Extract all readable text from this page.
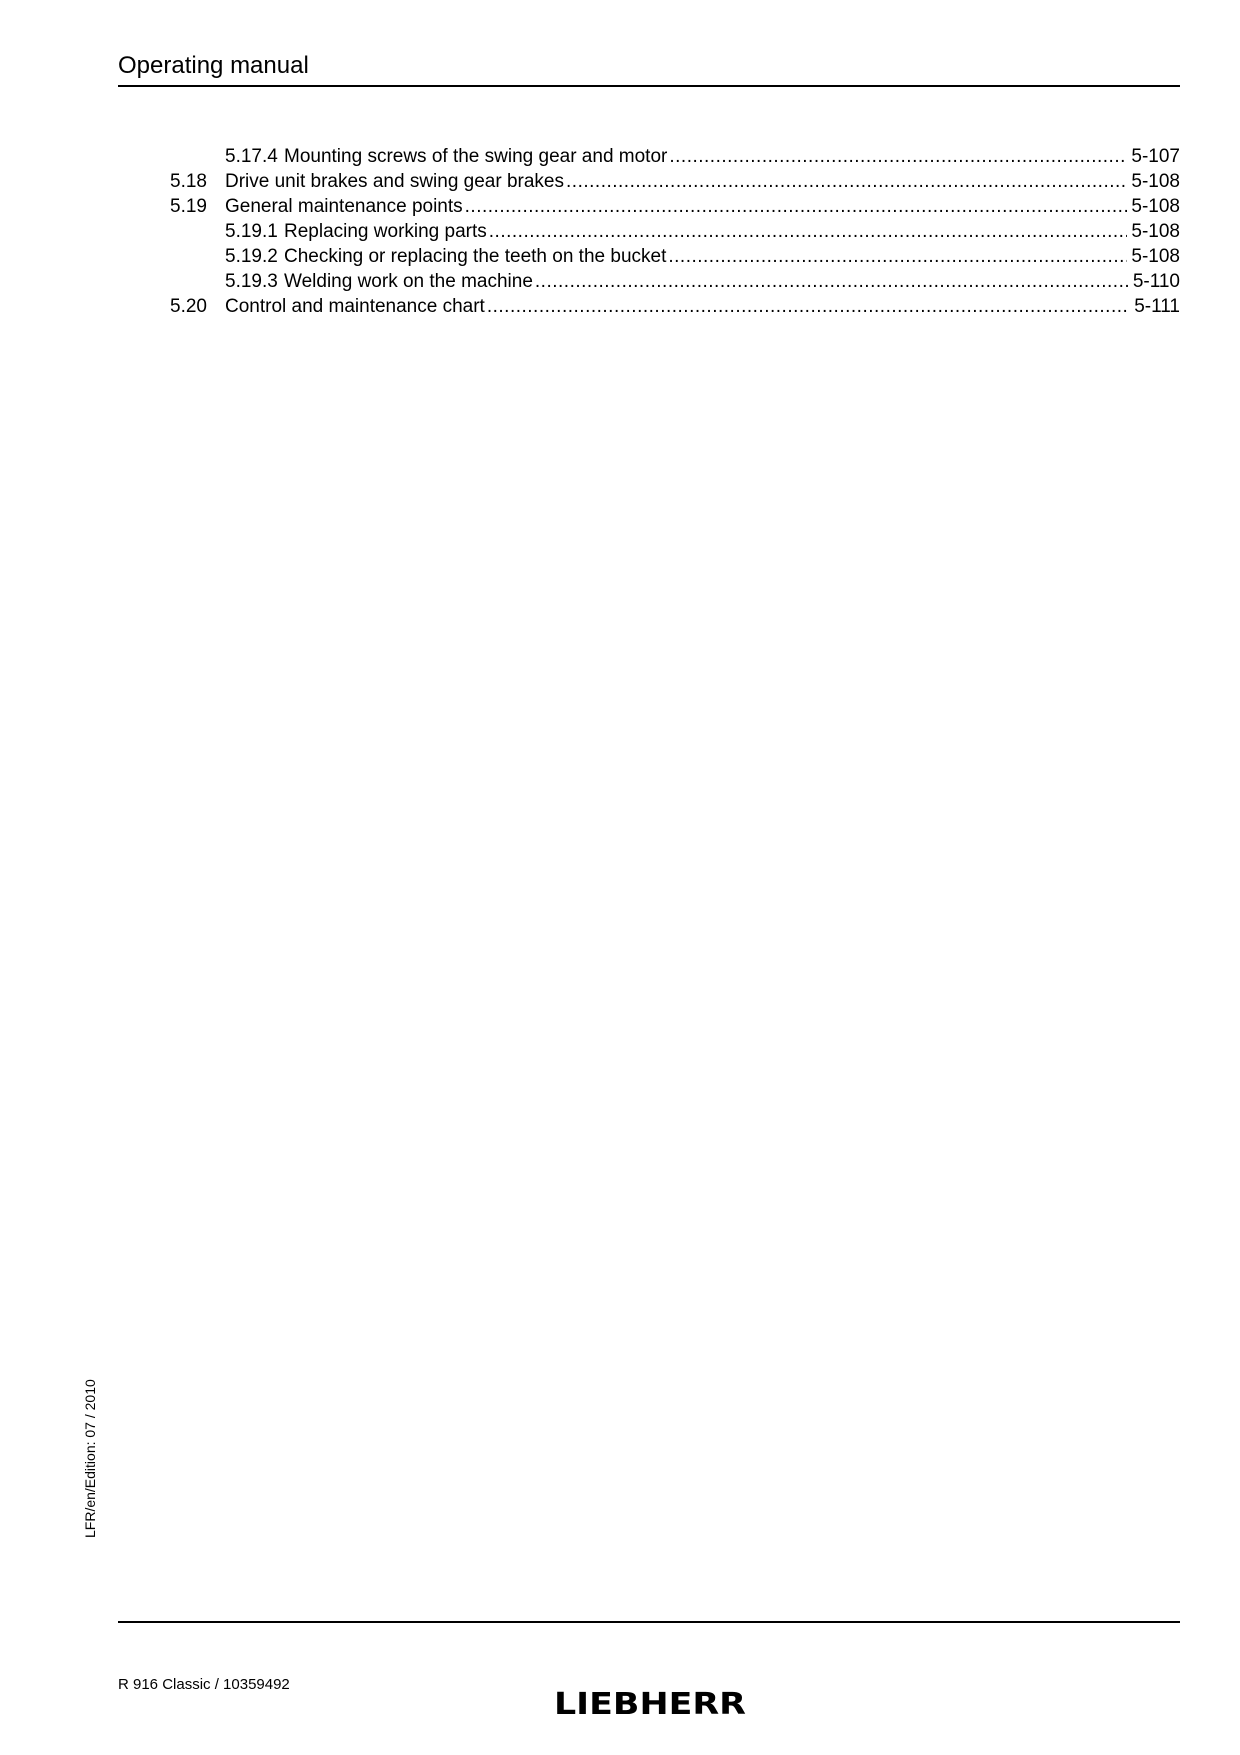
Operating manual
5.17.4 Mounting screws of the swing gear and motor .....	5-107
5.18 Drive unit brakes and swing gear brakes .....	5-108
5.19 General maintenance points .....	5-108
5.19.1 Replacing working parts .....	5-108
5.19.2 Checking or replacing the teeth on the bucket .....	5-108
5.19.3 Welding work on the machine .....	5-110
5.20 Control and maintenance chart .....	5-111
LFR/en/Edition: 07 / 2010
R 916 Classic / 10359492
LIEBHERR
